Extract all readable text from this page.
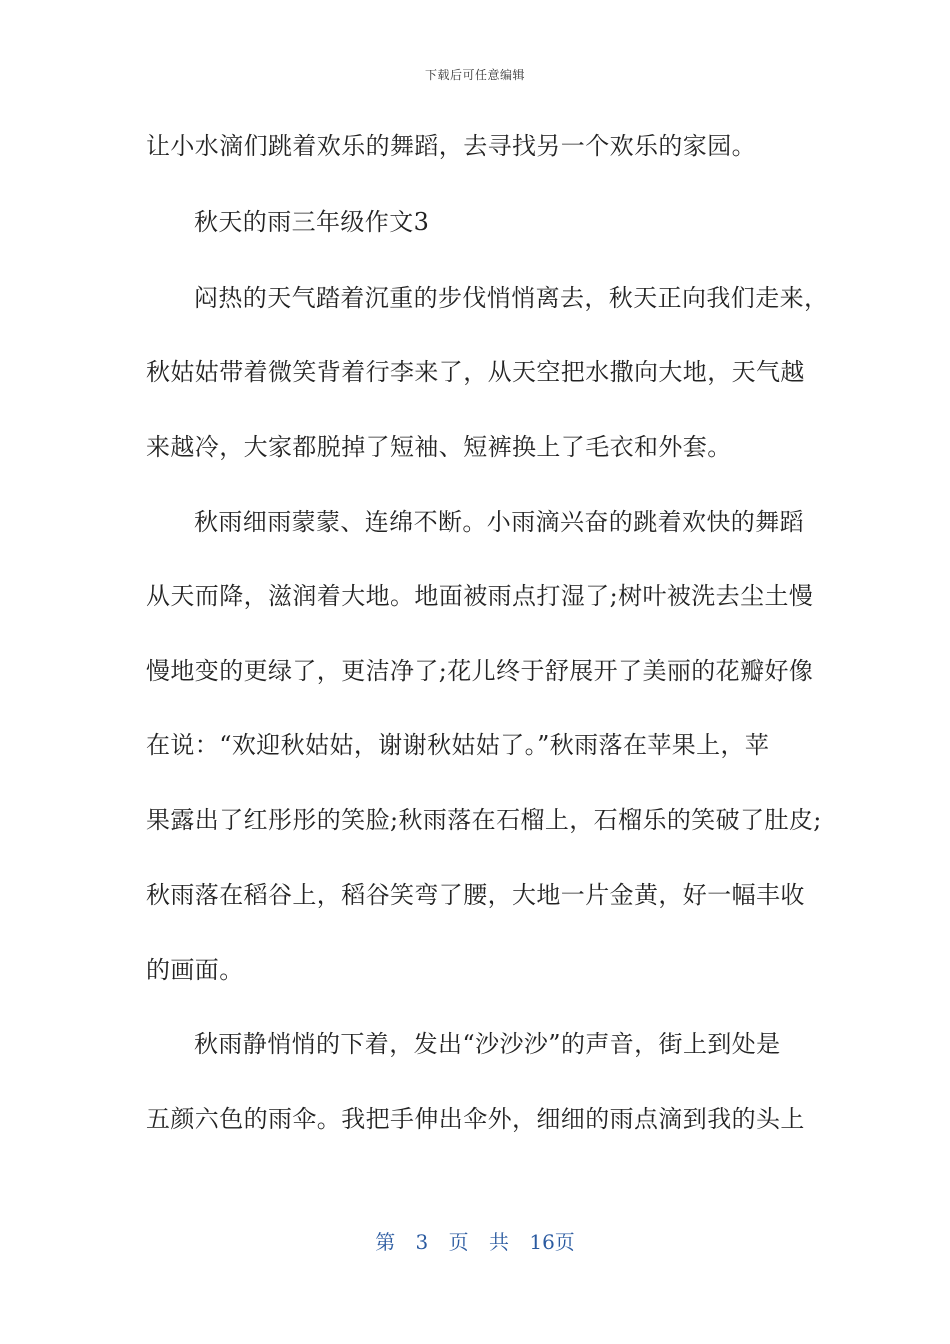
下载后可任意编辑
让小水滴们跳着欢乐的舞蹈，去寻找另一个欢乐的家园。
秋天的雨三年级作文3
闷热的天气踏着沉重的步伐悄悄离去，秋天正向我们走来，
秋姑姑带着微笑背着行李来了，从天空把水撒向大地，天气越
来越冷，大家都脱掉了短袖、短裤换上了毛衣和外套。
秋雨细雨蒙蒙、连绵不断。小雨滴兴奋的跳着欢快的舞蹈
从天而降，滋润着大地。地面被雨点打湿了;树叶被洗去尘土慢
慢地变的更绿了，更洁净了;花儿终于舒展开了美丽的花瓣好像
在说：“欢迎秋姑姑，谢谢秋姑姑了。”秋雨落在苹果上，苹
果露出了红彤彤的笑脸;秋雨落在石榴上，石榴乐的笑破了肚皮;
秋雨落在稻谷上，稻谷笑弯了腰，大地一片金黄，好一幅丰收
的画面。
秋雨静悄悄的下着，发出“沙沙沙”的声音，街上到处是
五颜六色的雨伞。我把手伸出伞外，细细的雨点滴到我的头上
第 3 页 共 16页
